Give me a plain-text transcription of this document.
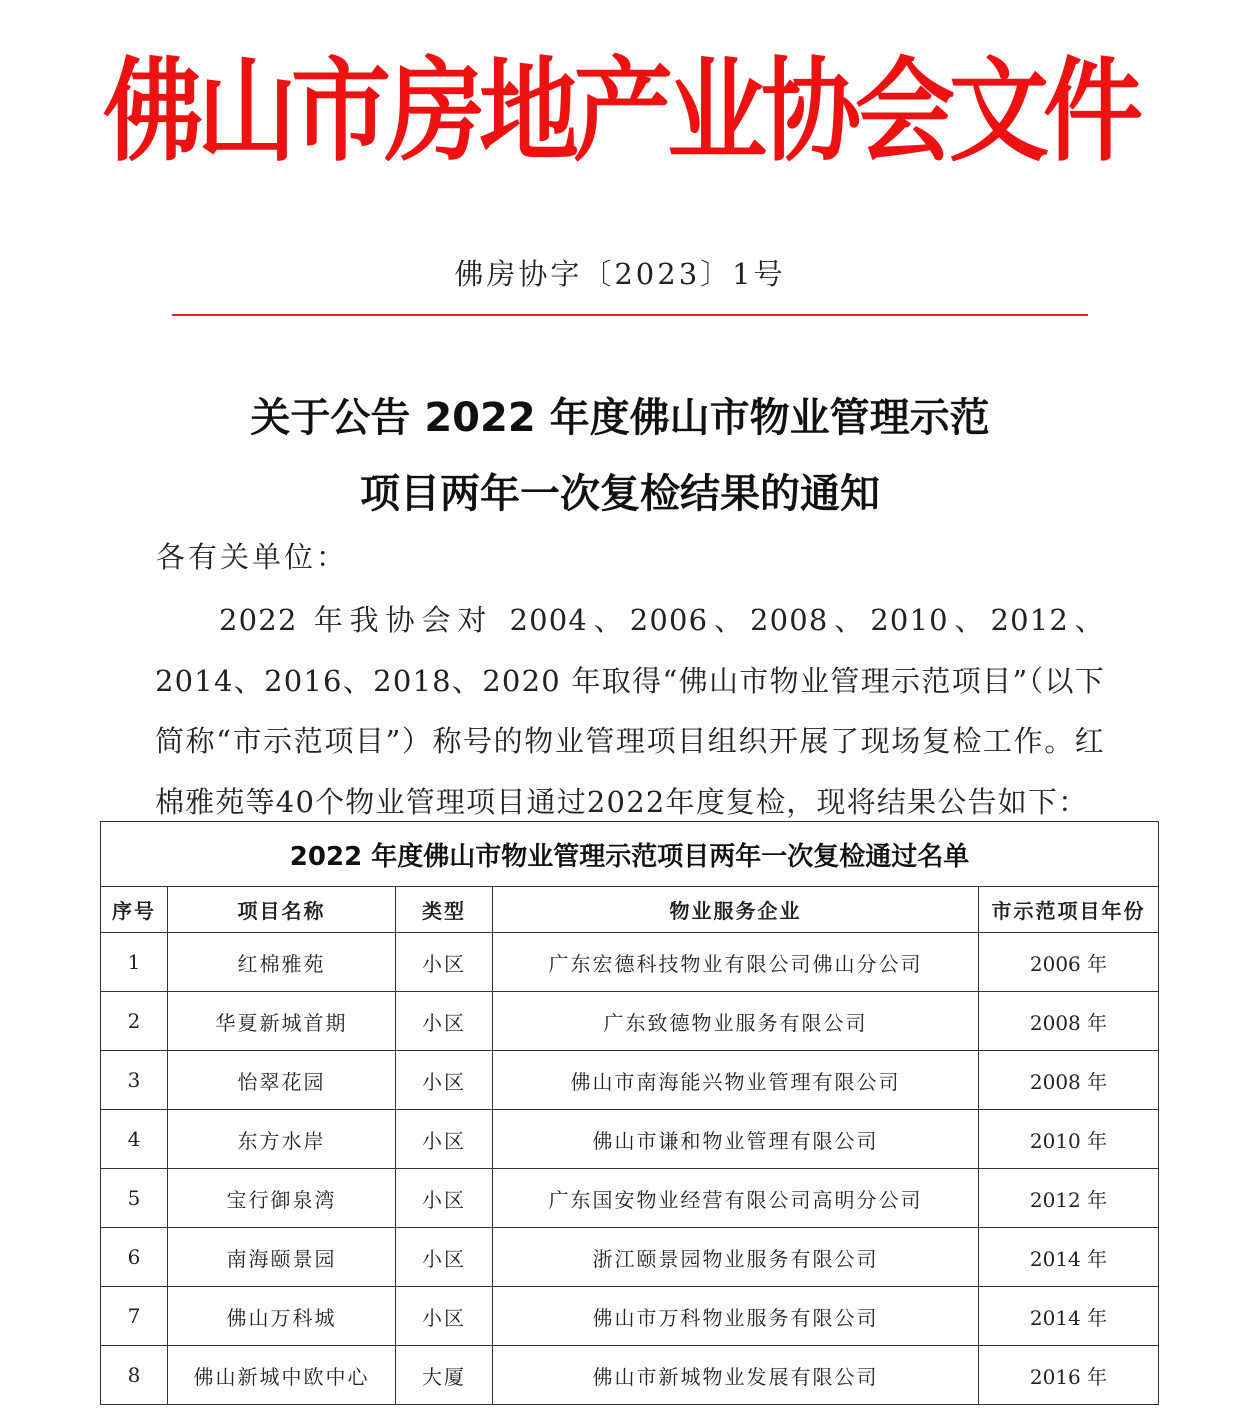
佛山市房地产业协会文件
佛房协字〔2023〕1号
关于公告 2022 年度佛山市物业管理示范
项目两年一次复检结果的通知
各有关单位：
2022 年我协会对 2004、2006、2008、2010、2012、2014、2016、2018、2020 年取得“佛山市物业管理示范项目”（以下简称“市示范项目”）称号的物业管理项目组织开展了现场复检工作。红棉雅苑等40个物业管理项目通过2022年度复检，现将结果公告如下：
2022 年度佛山市物业管理示范项目两年一次复检通过名单				
序号	项目名称	类型	物业服务企业	市示范项目年份
1	红棉雅苑	小区	广东宏德科技物业有限公司佛山分公司	2006 年
2	华夏新城首期	小区	广东致德物业服务有限公司	2008 年
3	怡翠花园	小区	佛山市南海能兴物业管理有限公司	2008 年
4	东方水岸	小区	佛山市谦和物业管理有限公司	2010 年
5	宝行御泉湾	小区	广东国安物业经营有限公司高明分公司	2012 年
6	南海颐景园	小区	浙江颐景园物业服务有限公司	2014 年
7	佛山万科城	小区	佛山市万科物业服务有限公司	2014 年
8	佛山新城中欧中心	大厦	佛山市新城物业发展有限公司	2016 年
